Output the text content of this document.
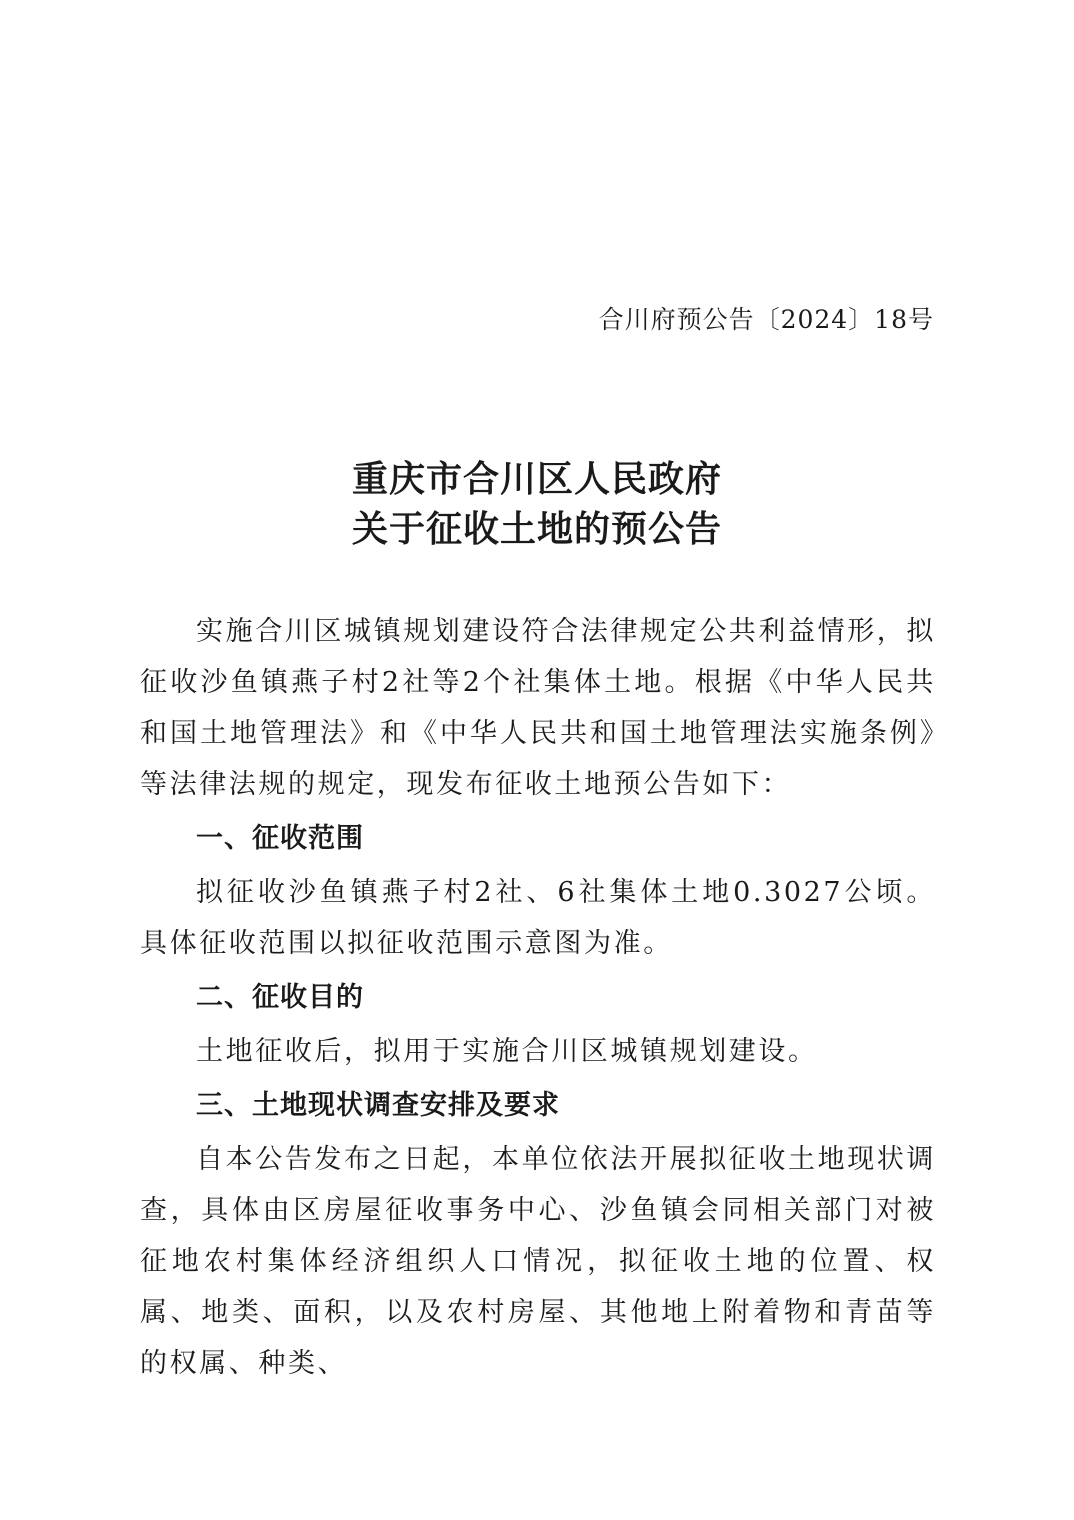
合川府预公告〔2024〕18号
重庆市合川区人民政府
关于征收土地的预公告

实施合川区城镇规划建设符合法律规定公共利益情形，拟征收沙鱼镇燕子村2社等2个社集体土地。根据《中华人民共和国土地管理法》和《中华人民共和国土地管理法实施条例》等法律法规的规定，现发布征收土地预公告如下：

一、征收范围

拟征收沙鱼镇燕子村2社、6社集体土地0.3027公顷。具体征收范围以拟征收范围示意图为准。

二、征收目的

土地征收后，拟用于实施合川区城镇规划建设。

三、土地现状调查安排及要求

自本公告发布之日起，本单位依法开展拟征收土地现状调查，具体由区房屋征收事务中心、沙鱼镇会同相关部门对被征地农村集体经济组织人口情况，拟征收土地的位置、权属、地类、面积，以及农村房屋、其他地上附着物和青苗等的权属、种类、
